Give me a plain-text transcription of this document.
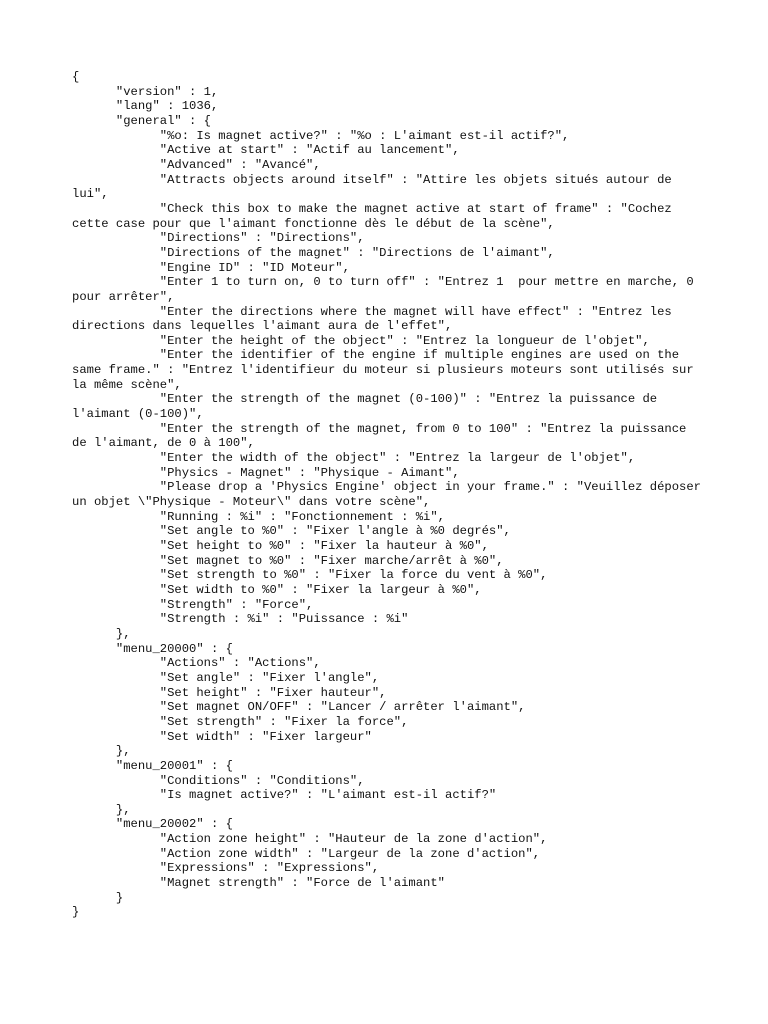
{
"version" : 1,
"lang" : 1036,
"general" : {
"%o: Is magnet active?" : "%o : L'aimant est-il actif?",
"Active at start" : "Actif au lancement",
"Advanced" : "Avancé",
"Attracts objects around itself" : "Attire les objets situés autour de lui",
"Check this box to make the magnet active at start of frame" : "Cochez cette case pour que l'aimant fonctionne dès le début de la scène",
"Directions" : "Directions",
"Directions of the magnet" : "Directions de l'aimant",
"Engine ID" : "ID Moteur",
"Enter 1 to turn on, 0 to turn off" : "Entrez 1  pour mettre en marche, 0 pour arrêter",
"Enter the directions where the magnet will have effect" : "Entrez les directions dans lequelles l'aimant aura de l'effet",
"Enter the height of the object" : "Entrez la longueur de l'objet",
"Enter the identifier of the engine if multiple engines are used on the same frame." : "Entrez l'identifieur du moteur si plusieurs moteurs sont utilisés sur la même scène",
"Enter the strength of the magnet (0-100)" : "Entrez la puissance de l'aimant (0-100)",
"Enter the strength of the magnet, from 0 to 100" : "Entrez la puissance de l'aimant, de 0 à 100",
"Enter the width of the object" : "Entrez la largeur de l'objet",
"Physics - Magnet" : "Physique - Aimant",
"Please drop a 'Physics Engine' object in your frame." : "Veuillez déposer un objet \"Physique - Moteur\" dans votre scène",
"Running : %i" : "Fonctionnement : %i",
"Set angle to %0" : "Fixer l'angle à %0 degrés",
"Set height to %0" : "Fixer la hauteur à %0",
"Set magnet to %0" : "Fixer marche/arrêt à %0",
"Set strength to %0" : "Fixer la force du vent à %0",
"Set width to %0" : "Fixer la largeur à %0",
"Strength" : "Force",
"Strength : %i" : "Puissance : %i"
},
"menu_20000" : {
"Actions" : "Actions",
"Set angle" : "Fixer l'angle",
"Set height" : "Fixer hauteur",
"Set magnet ON/OFF" : "Lancer / arrêter l'aimant",
"Set strength" : "Fixer la force",
"Set width" : "Fixer largeur"
},
"menu_20001" : {
"Conditions" : "Conditions",
"Is magnet active?" : "L'aimant est-il actif?"
},
"menu_20002" : {
"Action zone height" : "Hauteur de la zone d'action",
"Action zone width" : "Largeur de la zone d'action",
"Expressions" : "Expressions",
"Magnet strength" : "Force de l'aimant"
}
}
